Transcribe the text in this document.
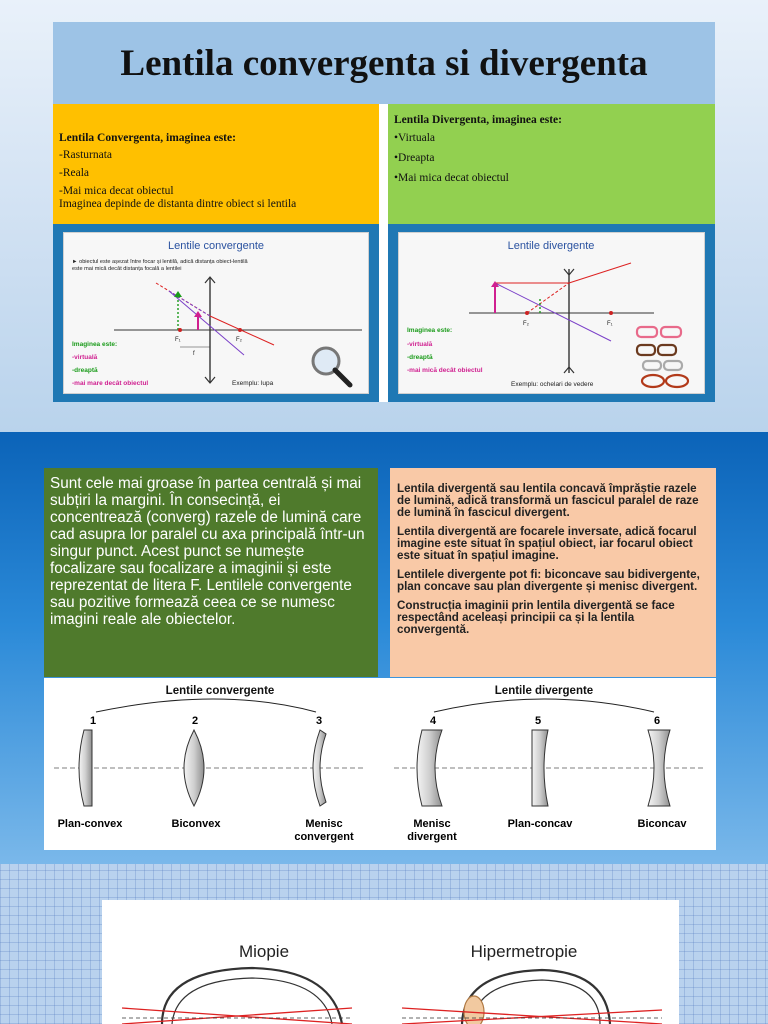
Lentila convergenta si divergenta
Lentila Convergenta, imaginea este:
-Rasturnata
-Reala
-Mai mica decat obiectul
Imaginea depinde de distanta dintre obiect si lentila
Lentila Divergenta, imaginea este:
•Virtuala
•Dreapta
•Mai mica decat obiectul
Lentile convergente
► obiectul este așezat între focar și lentilă, adică distanța obiect-lentilă
este mai mică decât distanța focală a lentilei
F₁	F₂
f
Imaginea este:
-virtuală
-dreaptă
-mai mare decât obiectul	Exemplu: lupa
Lentile divergente
F₂	F₁
Imaginea este:
-virtuală
-dreaptă
-mai mică decât obiectul
Exemplu: ochelari de vedere
Sunt cele mai groase în partea centrală și mai subțiri la margini. În consecință, ei concentrează (converg) razele de lumină care cad asupra lor paralel cu axa principală într-un singur punct. Acest punct se numește focalizare sau focalizare a imaginii și este reprezentat de litera F. Lentilele convergente sau pozitive formează ceea ce se numesc imagini reale ale obiectelor.

Lentila divergentă sau lentila concavă împrăștie razele de lumină, adică transformă un fascicul paralel de raze de lumină în fascicul divergent.

Lentila divergentă are focarele inversate, adică focarul imagine este situat în spațiul obiect, iar focarul obiect este situat în spațiul imagine.

Lentilele divergente pot fi: biconcave sau bidivergente, plan concave sau plan divergente și menisc divergent.

Construcția imaginii prin lentila divergentă se face respectând aceleași principii ca și la lentila convergentă.

Lentile convergente	Lentile divergente
1	2	3	4	5	6
Plan-convex	Biconvex	Menisc
convergent
Menisc
divergent
Plan-concav	Biconcav
Miopie	Hipermetropie
